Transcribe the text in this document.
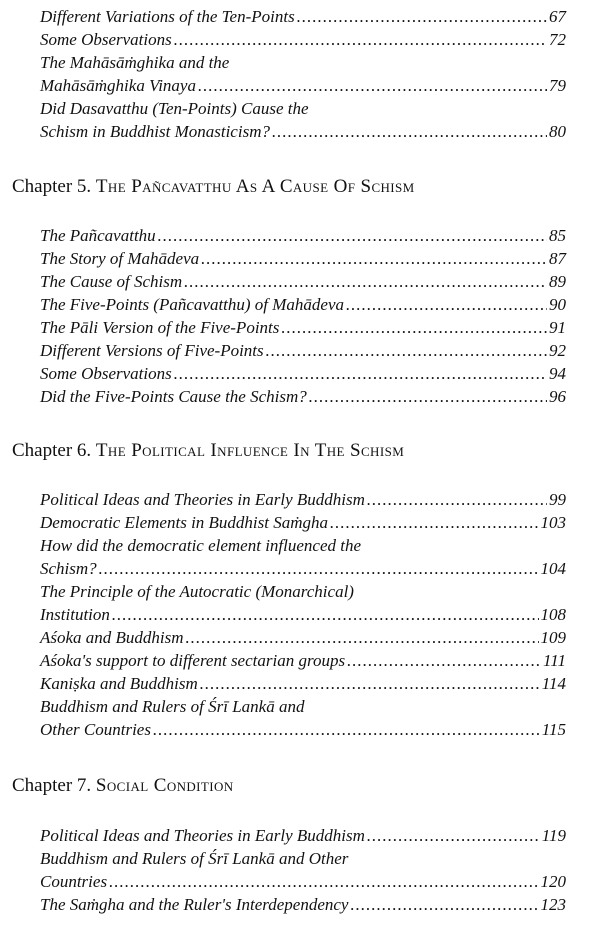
Different Variations of the Ten-Points .....	67
Some Observations .....	72
The Mahāsāṁghika and the
Mahāsāṁghika Vinaya .....	79
Did Dasavatthu (Ten-Points) Cause the
Schism in Buddhist Monasticism? .....	80
Chapter 5. The Pañcavatthu As A Cause Of Schism
The Pañcavatthu .....	85
The Story of Mahādeva .....	87
The Cause of Schism .....	89
The Five-Points (Pañcavatthu) of Mahādeva .....	90
The Pāli Version of the Five-Points .....	91
Different Versions of Five-Points .....	92
Some Observations .....	94
Did the Five-Points Cause the Schism? .....	96
Chapter 6. The Political Influence In The Schism
Political Ideas and Theories in Early Buddhism .....	99
Democratic Elements in Buddhist Saṁgha .....	103
How did the democratic element influenced the
Schism? .....	104
The Principle of the Autocratic (Monarchical)
Institution .....	108
Aśoka and Buddhism .....	109
Aśoka's support to different sectarian groups .....	111
Kaniṣka and Buddhism .....	114
Buddhism and Rulers of Śrī Lankā and
Other Countries .....	115
Chapter 7. Social Condition
Political Ideas and Theories in Early Buddhism .....	119
Buddhism and Rulers of Śrī Lankā and Other
Countries .....	120
The Saṁgha and the Ruler's Interdependency .....	123
